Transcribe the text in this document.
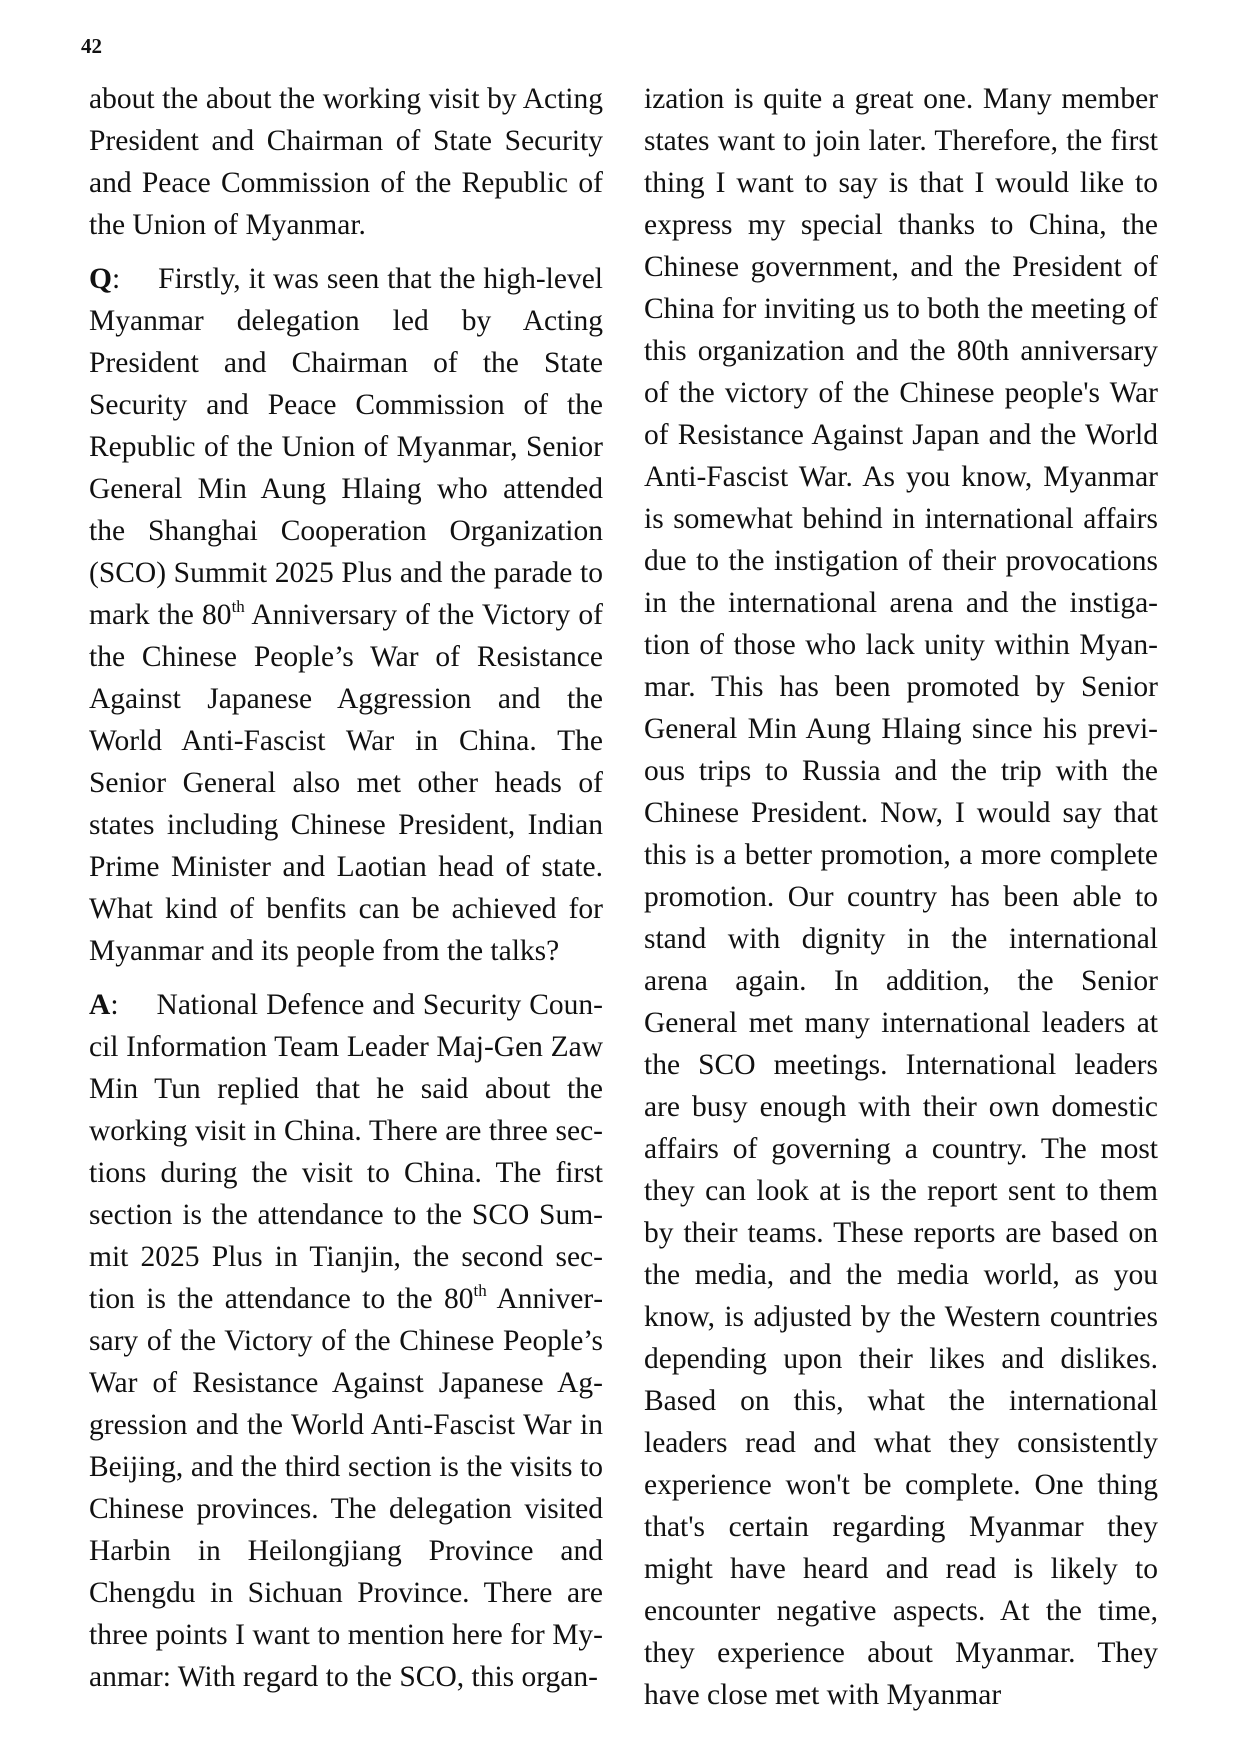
42

about the about the working visit by Acting President and Chairman of State Security and Peace Commission of the Republic of the Union of Myanmar.

Q: Firstly, it was seen that the high-level Myanmar delegation led by Acting President and Chairman of the State Security and Peace Commission of the Republic of the Union of Myanmar, Senior General Min Aung Hlaing who attended the Shanghai Cooperation Organization (SCO) Summit 2025 Plus and the parade to mark the 80th Anniversary of the Victory of the Chinese People’s War of Resistance Against Japanese Aggression and the World Anti-Fascist War in China. The Senior General also met other heads of states including Chinese President, Indian Prime Minister and Laotian head of state. What kind of benfits can be achieved for Myanmar and its people from the talks?

A: National Defence and Security Council Information Team Leader Maj-Gen Zaw Min Tun replied that he said about the working visit in China. There are three sections during the visit to China. The first section is the attendance to the SCO Summit 2025 Plus in Tianjin, the second section is the attendance to the 80th Anniversary of the Victory of the Chinese People’s War of Resistance Against Japanese Aggression and the World Anti-Fascist War in Beijing, and the third section is the visits to Chinese provinces. The delegation visited Harbin in Heilongjiang Province and Chengdu in Sichuan Province. There are three points I want to mention here for Myanmar: With regard to the SCO, this organ-

ization is quite a great one. Many member states want to join later. Therefore, the first thing I want to say is that I would like to express my special thanks to China, the Chinese government, and the President of China for inviting us to both the meeting of this organization and the 80th anniversary of the victory of the Chinese people's War of Resistance Against Japan and the World Anti-Fascist War. As you know, Myanmar is somewhat behind in international affairs due to the instigation of their provocations in the international arena and the instigation of those who lack unity within Myanmar. This has been promoted by Senior General Min Aung Hlaing since his previous trips to Russia and the trip with the Chinese President. Now, I would say that this is a better promotion, a more complete promotion. Our country has been able to stand with dignity in the international arena again. In addition, the Senior General met many international leaders at the SCO meetings. International leaders are busy enough with their own domestic affairs of governing a country. The most they can look at is the report sent to them by their teams. These reports are based on the media, and the media world, as you know, is adjusted by the Western countries depending upon their likes and dislikes. Based on this, what the international leaders read and what they consistently experience won't be complete. One thing that's certain regarding Myanmar they might have heard and read is likely to encounter negative aspects. At the time, they experience about Myanmar. They have close met with Myanmar
